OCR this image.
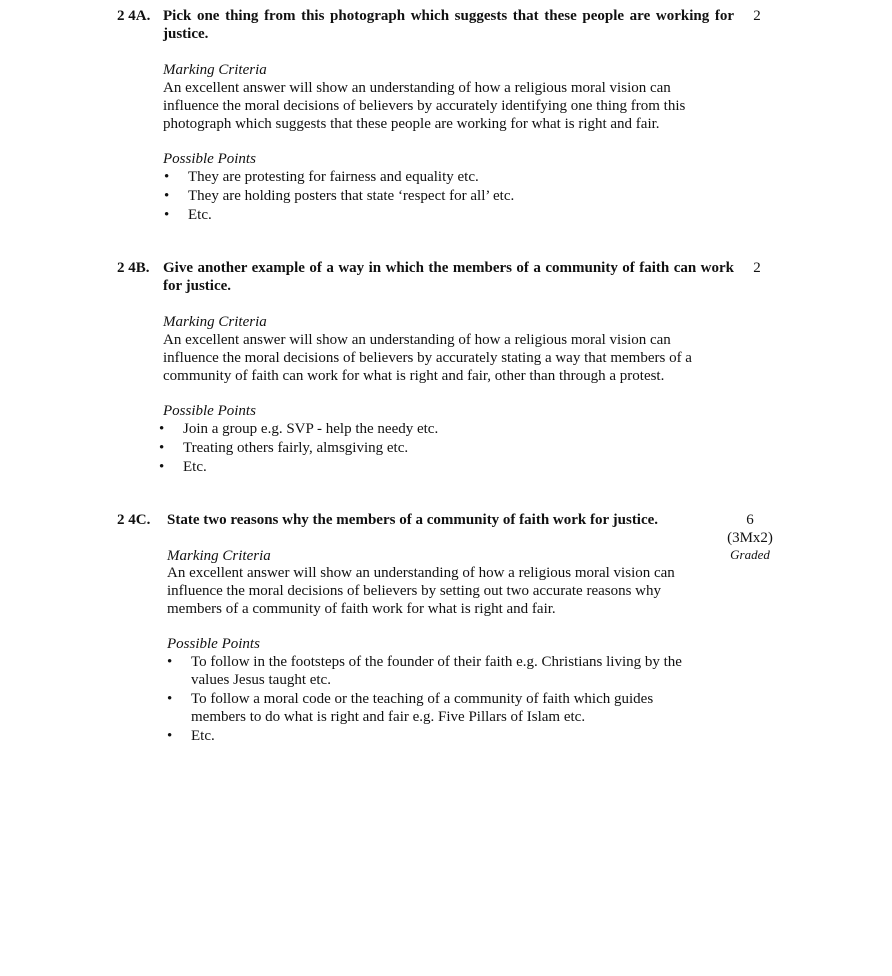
2 4A. Pick one thing from this photograph which suggests that these people are working for justice.
2
Marking Criteria
An excellent answer will show an understanding of how a religious moral vision can influence the moral decisions of believers by accurately identifying one thing from this photograph which suggests that these people are working for what is right and fair.
Possible Points
• They are protesting for fairness and equality etc.
• They are holding posters that state ‘respect for all’ etc.
• Etc.
2 4B. Give another example of a way in which the members of a community of faith can work for justice.
2
Marking Criteria
An excellent answer will show an understanding of how a religious moral vision can influence the moral decisions of believers by accurately stating a way that members of a community of faith can work for what is right and fair, other than through a protest.
Possible Points
• Join a group e.g. SVP - help the needy etc.
• Treating others fairly, almsgiving etc.
• Etc.
2 4C. State two reasons why the members of a community of faith work for justice.	6
(3Mx2)
Graded
Marking Criteria
An excellent answer will show an understanding of how a religious moral vision can influence the moral decisions of believers by setting out two accurate reasons why members of a community of faith work for what is right and fair.
Possible Points
• To follow in the footsteps of the founder of their faith e.g. Christians living by the values Jesus taught etc.
• To follow a moral code or the teaching of a community of faith which guides members to do what is right and fair e.g. Five Pillars of Islam etc.
• Etc.
